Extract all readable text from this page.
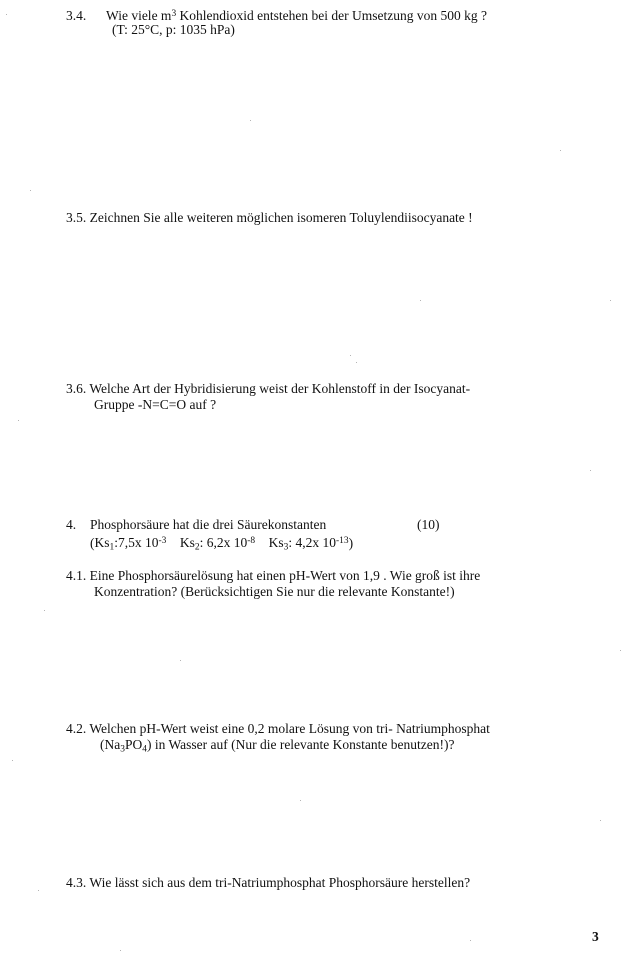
3.4. Wie viele $m^3$ Kohlendioxid entstehen bei der Umsetzung von 500 kg ?
(T: 25°C, p: 1035 hPa)
3.5. Zeichnen Sie alle weiteren möglichen isomeren Toluylendiisocyanate !
3.6. Welche Art der Hybridisierung weist der Kohlenstoff in der Isocyanat-
Gruppe -N=C=O auf ?
4. Phosphorsäure hat die drei Säurekonstanten	(10)
($Ks_1:7,5x$ $10^{-3}$ $Ks_2$: 6,2x $10^{-8}$ $Ks_3$: 4,2x $10^{-13}$)
4.1. Eine Phosphorsäurelösung hat einen pH-Wert von 1,9 . Wie groß ist ihre
Konzentration? (Berücksichtigen Sie nur die relevante Konstante!)
4.2. Welchen pH-Wert weist eine 0,2 molare Lösung von tri- Natriumphosphat
$(Na_3PO_4)$ in Wasser auf (Nur die relevante Konstante benutzen!)?
4.3. Wie lässt sich aus dem tri-Natriumphosphat Phosphorsäure herstellen?
3
